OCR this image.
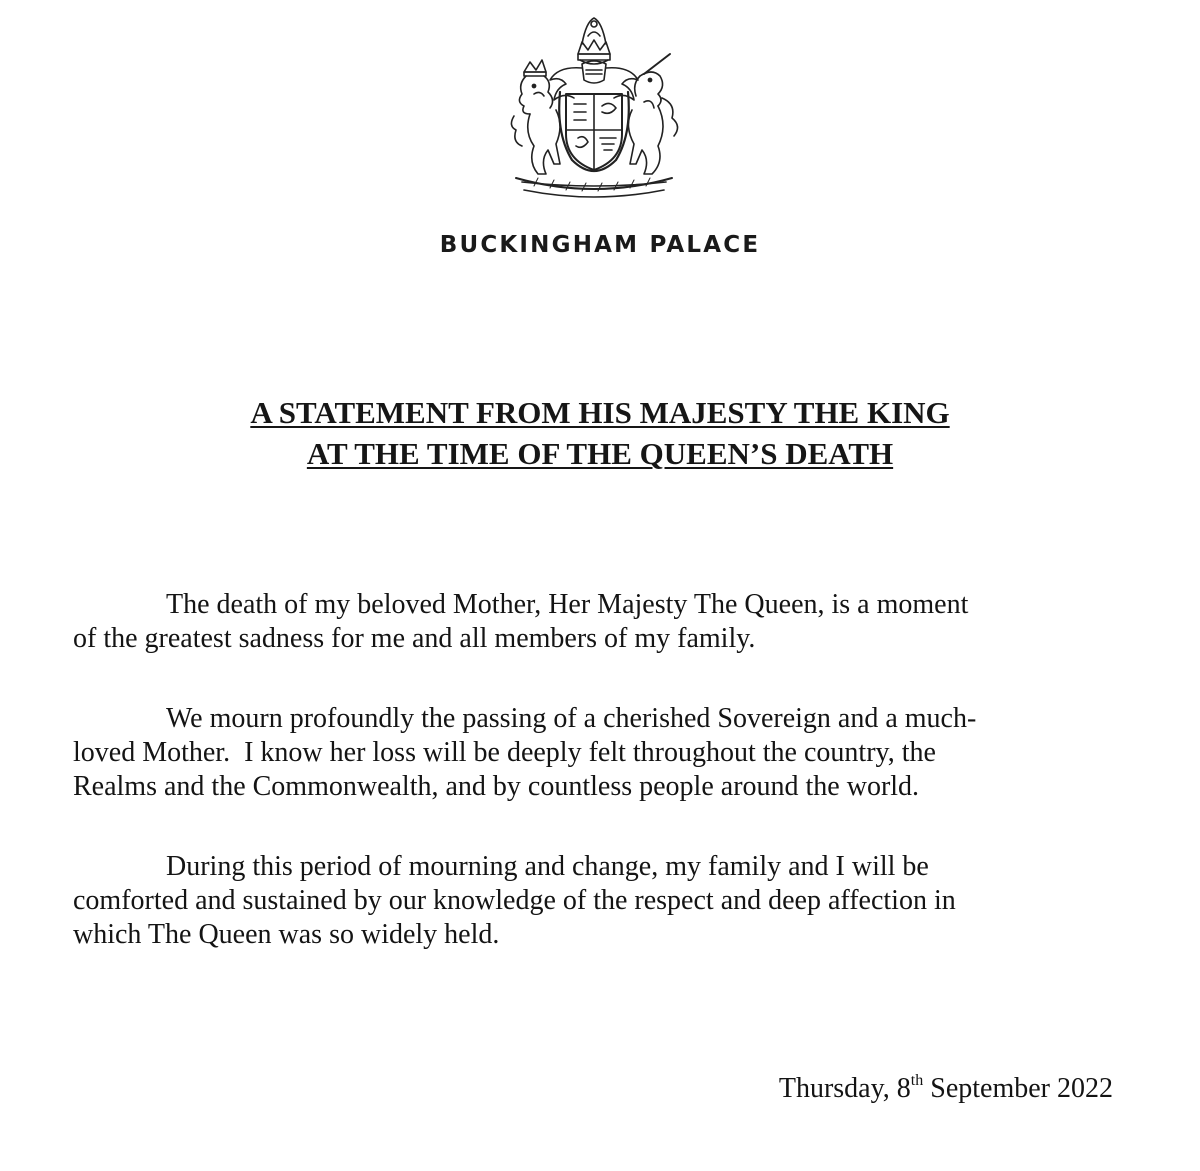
BUCKINGHAM PALACE
A STATEMENT FROM HIS MAJESTY THE KING
AT THE TIME OF THE QUEEN’S DEATH
The death of my beloved Mother, Her Majesty The Queen, is a moment
of the greatest sadness for me and all members of my family.
We mourn profoundly the passing of a cherished Sovereign and a much-
loved Mother.  I know her loss will be deeply felt throughout the country, the
Realms and the Commonwealth, and by countless people around the world.
During this period of mourning and change, my family and I will be
comforted and sustained by our knowledge of the respect and deep affection in
which The Queen was so widely held.
Thursday, 8th September 2022
